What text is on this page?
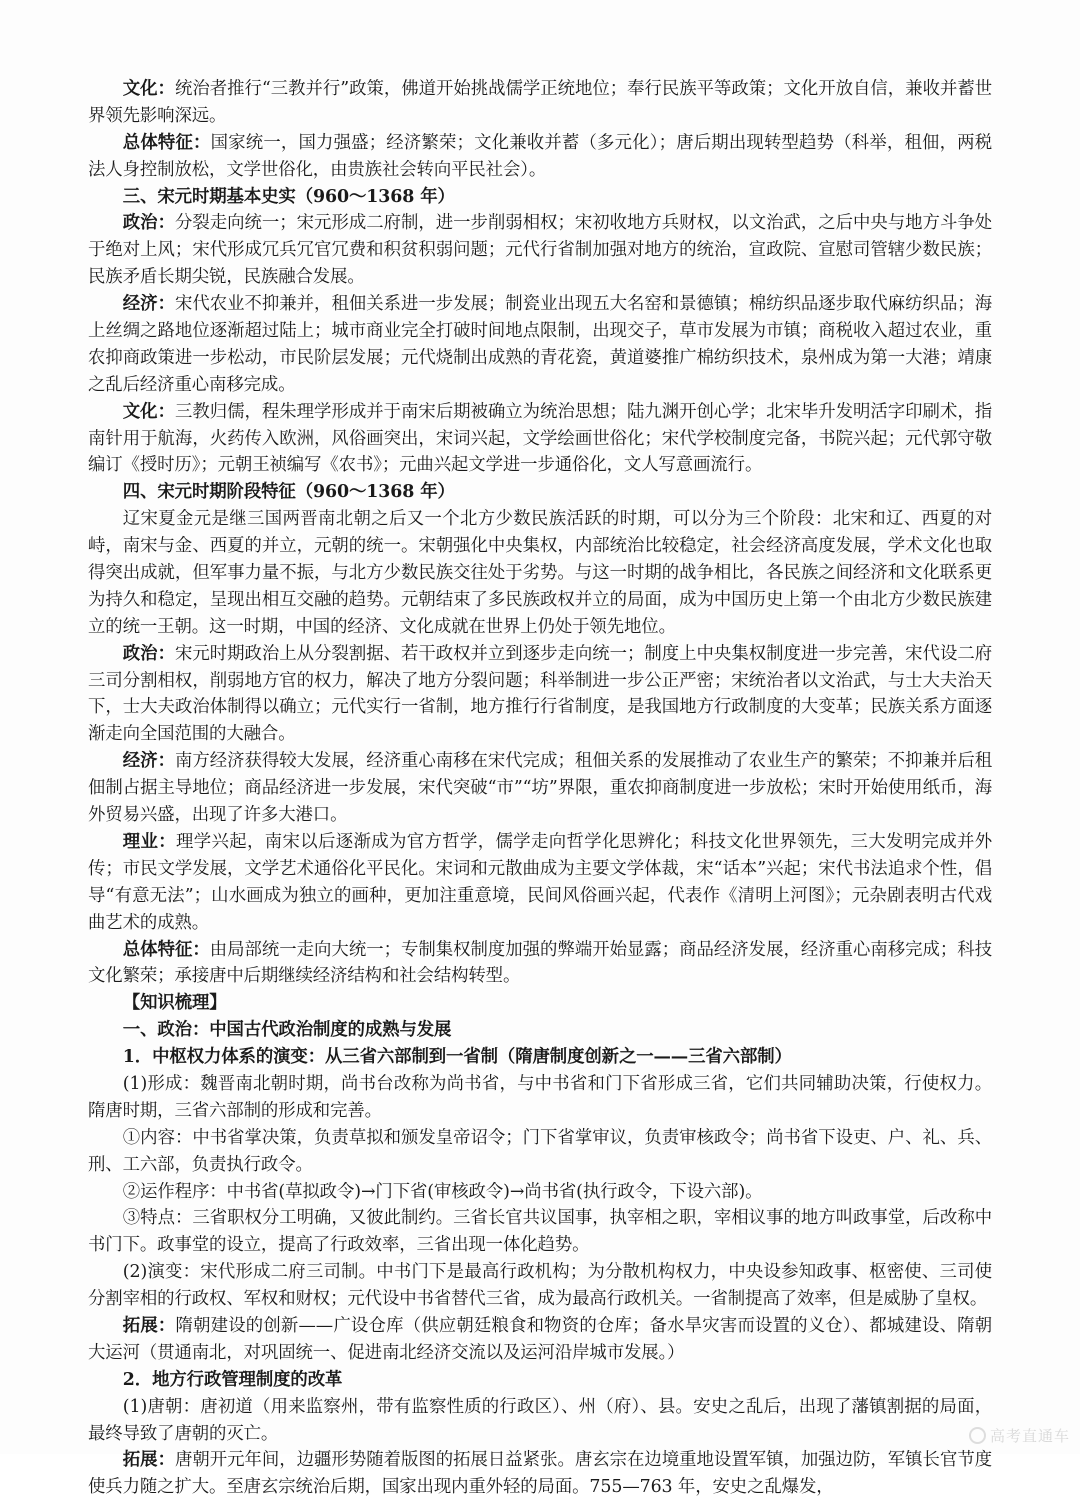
文化：统治者推行“三教并行”政策，佛道开始挑战儒学正统地位；奉行民族平等政策；文化开放自信，兼收并蓄世界领先影响深远。

总体特征：国家统一，国力强盛；经济繁荣；文化兼收并蓄（多元化）；唐后期出现转型趋势（科举，租佃，两税法人身控制放松，文学世俗化，由贵族社会转向平民社会）。

三、宋元时期基本史实（960～1368 年）

政治：分裂走向统一；宋元形成二府制，进一步削弱相权；宋初收地方兵财权，以文治武，之后中央与地方斗争处于绝对上风；宋代形成冗兵冗官冗费和积贫积弱问题；元代行省制加强对地方的统治，宣政院、宣慰司管辖少数民族；民族矛盾长期尖锐，民族融合发展。

经济：宋代农业不抑兼并，租佃关系进一步发展；制瓷业出现五大名窑和景德镇；棉纺织品逐步取代麻纺织品；海上丝绸之路地位逐渐超过陆上；城市商业完全打破时间地点限制，出现交子，草市发展为市镇；商税收入超过农业，重农抑商政策进一步松动，市民阶层发展；元代烧制出成熟的青花瓷，黄道婆推广棉纺织技术，泉州成为第一大港；靖康之乱后经济重心南移完成。

文化：三教归儒，程朱理学形成并于南宋后期被确立为统治思想；陆九渊开创心学；北宋毕升发明活字印刷术，指南针用于航海，火药传入欧洲，风俗画突出，宋词兴起，文学绘画世俗化；宋代学校制度完备，书院兴起；元代郭守敬编订《授时历》；元朝王祯编写《农书》；元曲兴起文学进一步通俗化，文人写意画流行。

四、宋元时期阶段特征（960～1368 年）

辽宋夏金元是继三国两晋南北朝之后又一个北方少数民族活跃的时期，可以分为三个阶段：北宋和辽、西夏的对峙，南宋与金、西夏的并立，元朝的统一。宋朝强化中央集权，内部统治比较稳定，社会经济高度发展，学术文化也取得突出成就，但军事力量不振，与北方少数民族交往处于劣势。与这一时期的战争相比，各民族之间经济和文化联系更为持久和稳定，呈现出相互交融的趋势。元朝结束了多民族政权并立的局面，成为中国历史上第一个由北方少数民族建立的统一王朝。这一时期，中国的经济、文化成就在世界上仍处于领先地位。

政治：宋元时期政治上从分裂割据、若干政权并立到逐步走向统一；制度上中央集权制度进一步完善，宋代设二府三司分割相权，削弱地方官的权力，解决了地方分裂问题；科举制进一步公正严密；宋统治者以文治武，与士大夫治天下，士大夫政治体制得以确立；元代实行一省制，地方推行行省制度，是我国地方行政制度的大变革；民族关系方面逐渐走向全国范围的大融合。

经济：南方经济获得较大发展，经济重心南移在宋代完成；租佃关系的发展推动了农业生产的繁荣；不抑兼并后租佃制占据主导地位；商品经济进一步发展，宋代突破“市”“坊”界限，重农抑商制度进一步放松；宋时开始使用纸币，海外贸易兴盛，出现了许多大港口。

理业：理学兴起，南宋以后逐渐成为官方哲学，儒学走向哲学化思辨化；科技文化世界领先，三大发明完成并外传；市民文学发展，文学艺术通俗化平民化。宋词和元散曲成为主要文学体裁，宋“话本”兴起；宋代书法追求个性，倡导“有意无法”；山水画成为独立的画种，更加注重意境，民间风俗画兴起，代表作《清明上河图》；元杂剧表明古代戏曲艺术的成熟。

总体特征：由局部统一走向大统一；专制集权制度加强的弊端开始显露；商品经济发展，经济重心南移完成；科技文化繁荣；承接唐中后期继续经济结构和社会结构转型。

【知识梳理】

一、政治：中国古代政治制度的成熟与发展

1．中枢权力体系的演变：从三省六部制到一省制（隋唐制度创新之一——三省六部制）

(1)形成：魏晋南北朝时期，尚书台改称为尚书省，与中书省和门下省形成三省，它们共同辅助决策，行使权力。隋唐时期，三省六部制的形成和完善。

①内容：中书省掌决策，负责草拟和颁发皇帝诏令；门下省掌审议，负责审核政令；尚书省下设吏、户、礼、兵、刑、工六部，负责执行政令。

②运作程序：中书省(草拟政令)→门下省(审核政令)→尚书省(执行政令，下设六部)。

③特点：三省职权分工明确，又彼此制约。三省长官共议国事，执宰相之职，宰相议事的地方叫政事堂，后改称中书门下。政事堂的设立，提高了行政效率，三省出现一体化趋势。

(2)演变：宋代形成二府三司制。中书门下是最高行政机构；为分散机构权力，中央设参知政事、枢密使、三司使分割宰相的行政权、军权和财权；元代设中书省替代三省，成为最高行政机关。一省制提高了效率，但是威胁了皇权。

拓展：隋朝建设的创新——广设仓库（供应朝廷粮食和物资的仓库；备水旱灾害而设置的义仓）、都城建设、隋朝大运河（贯通南北，对巩固统一、促进南北经济交流以及运河沿岸城市发展。）

2．地方行政管理制度的改革

(1)唐朝：唐初道（用来监察州，带有监察性质的行政区）、州（府）、县。安史之乱后，出现了藩镇割据的局面，最终导致了唐朝的灭亡。

拓展：唐朝开元年间，边疆形势随着版图的拓展日益紧张。唐玄宗在边境重地设置军镇，加强边防，军镇长官节度使兵力随之扩大。至唐玄宗统治后期，国家出现内重外轻的局面。755—763 年，安史之乱爆发，

高考直通车
